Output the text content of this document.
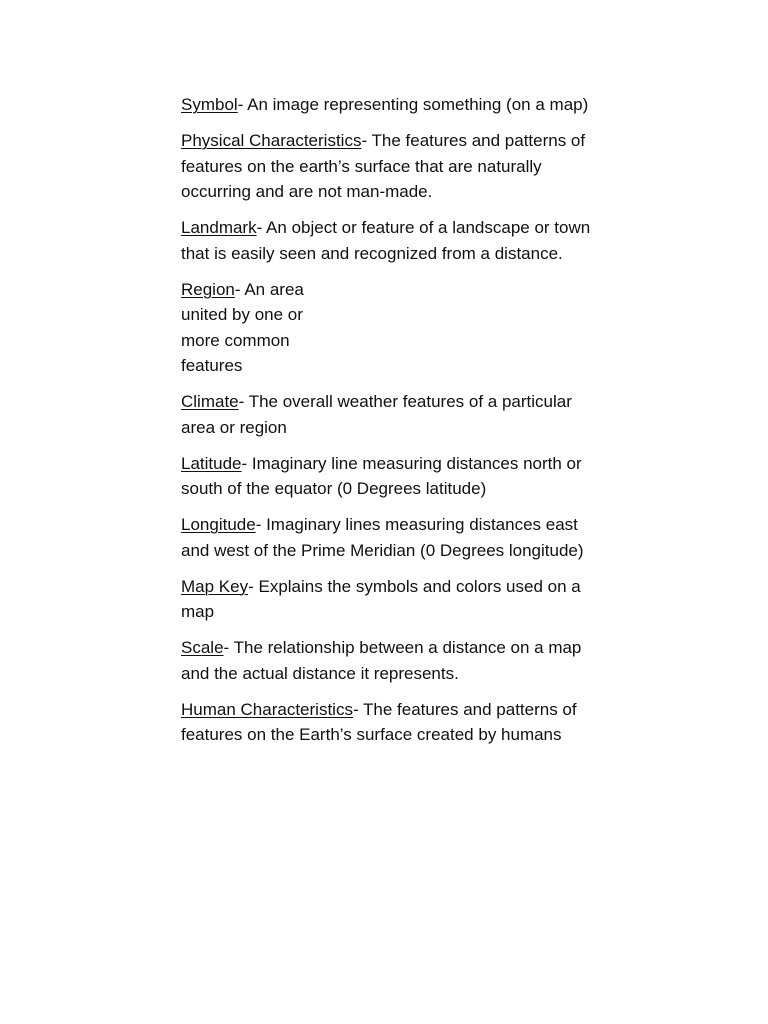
Symbol- An image representing something (on a map)

Physical Characteristics- The features and patterns of features on the earth’s surface that are naturally occurring and are not man-made.

Landmark- An object or feature of a landscape or town that is easily seen and recognized from a distance.

Region- An area united by one or more common features

Climate- The overall weather features of a particular area or region

Latitude- Imaginary line measuring distances north or south of the equator (0 Degrees latitude)

Longitude- Imaginary lines measuring distances east and west of the Prime Meridian (0 Degrees longitude)

Map Key- Explains the symbols and colors used on a map

Scale- The relationship between a distance on a map and the actual distance it represents.

Human Characteristics- The features and patterns of features on the Earth’s surface created by humans
